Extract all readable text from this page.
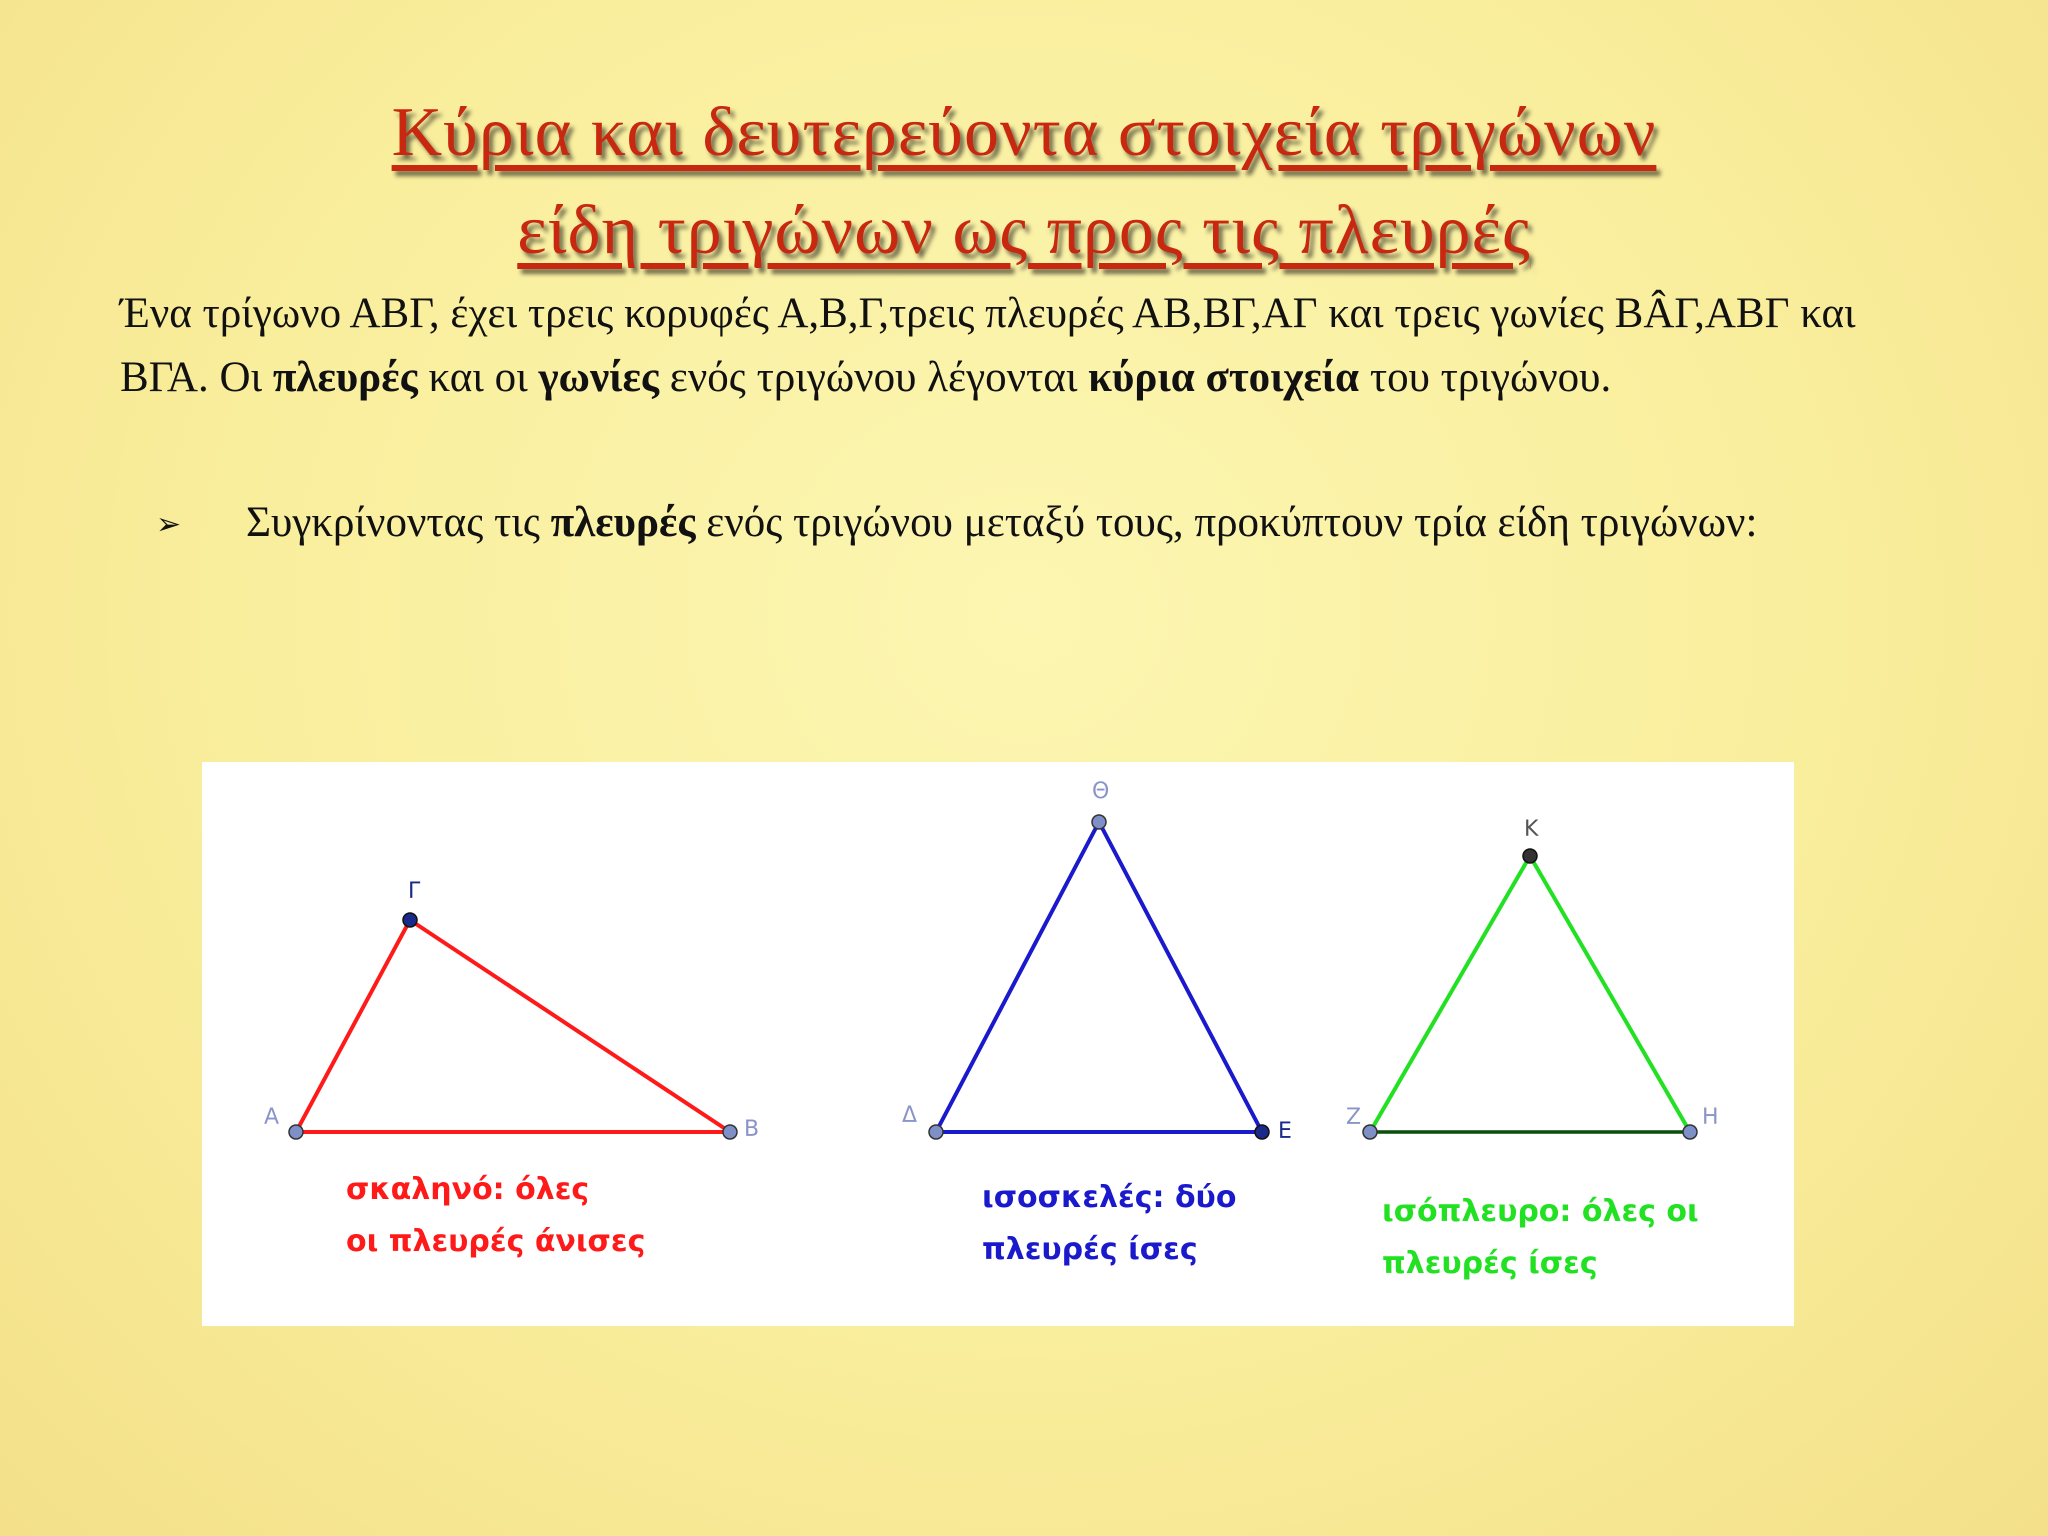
Κύρια και δευτερεύοντα στοιχεία τριγώνων
είδη τριγώνων ως προς τις πλευρές

Ένα τρίγωνο ΑΒΓ, έχει τρεις κορυφές Α,Β,Γ,τρεις πλευρές ΑΒ,ΒΓ,ΑΓ και τρεις γωνίες ΒÂΓ,ΑΒΓ και ΒΓΑ. Οι πλευρές και οι γωνίες ενός τριγώνου λέγονται κύρια στοιχεία του τριγώνου.

➢ Συγκρίνοντας τις πλευρές ενός τριγώνου μεταξύ τους, προκύπτουν τρία είδη τριγώνων:
Α	Β
Γ
Δ
Ε
Θ
Ζ	Η
Κ
σκαληνό: όλες
οι πλευρές άνισες
ισοσκελές: δύο
πλευρές ίσες
ισόπλευρο: όλες οι
πλευρές ίσες
